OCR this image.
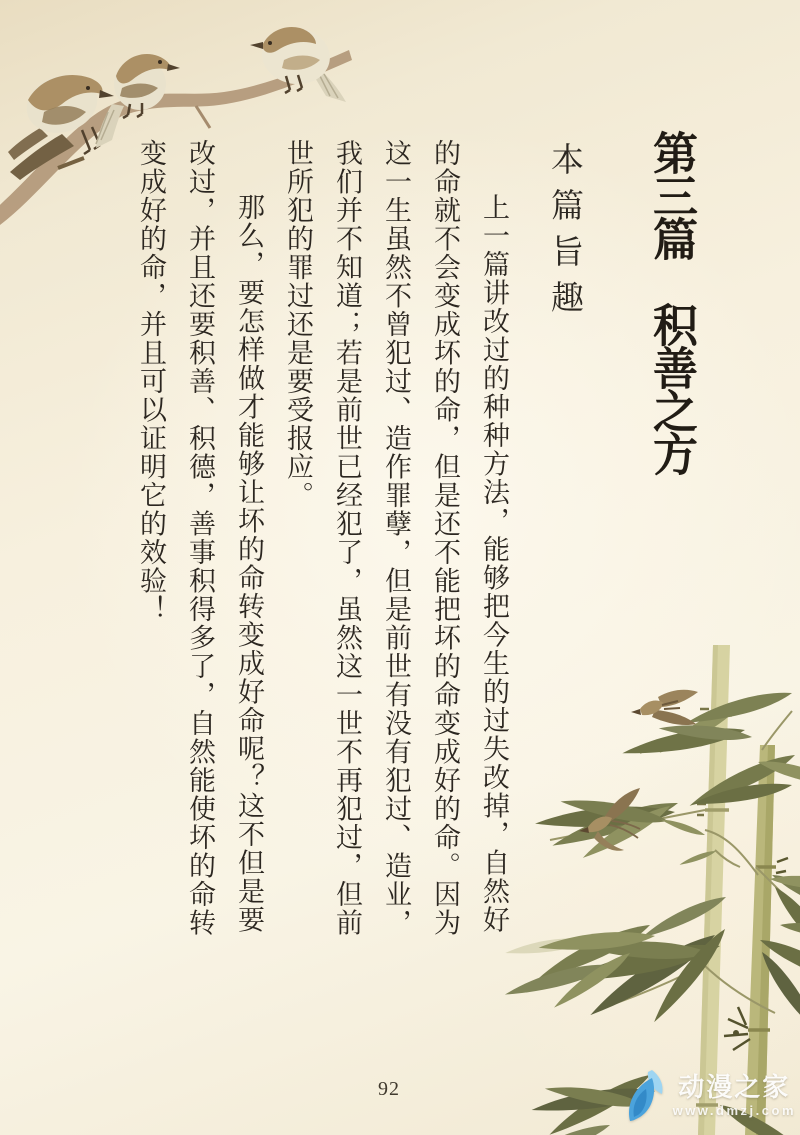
第三篇　积善之方
本篇旨趣

上一篇讲改过的种种方法，能够把今生的过失改掉，自然好的命就不会变成坏的命，但是还不能把坏的命变成好的命。因为这一生虽然不曾犯过、造作罪孽，但是前世有没有犯过、造业，我们并不知道；若是前世已经犯了，虽然这一世不再犯过，但前世所犯的罪过还是要受报应。

那么，要怎样做才能够让坏的命转变成好命呢？这不但是要改过，并且还要积善、积德，善事积得多了，自然能使坏的命转变成好的命，并且可以证明它的效验！

92	动漫之家
www.dmzj.com
